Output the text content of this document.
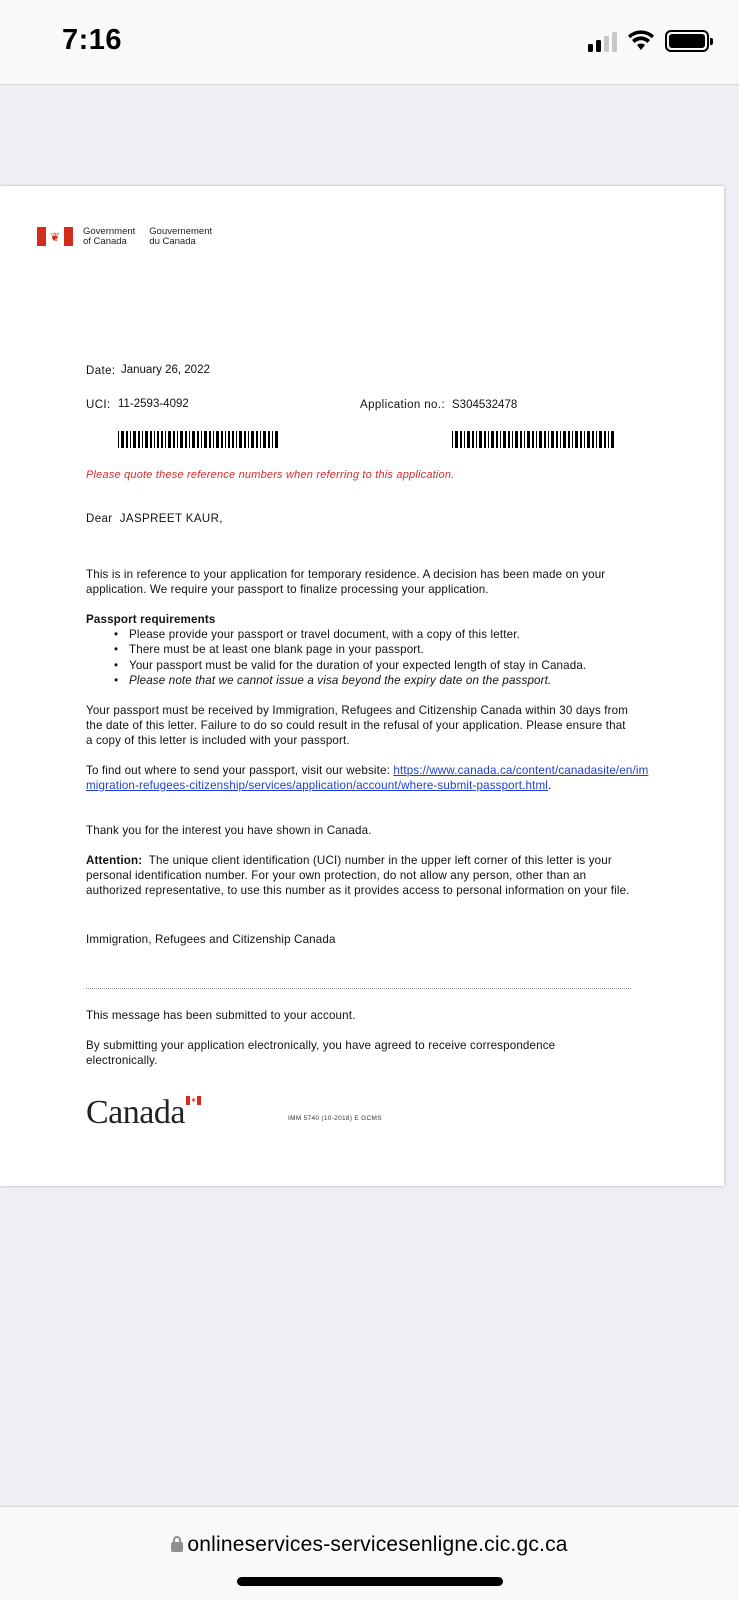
7:16
❦	Government
of Canada
Gouvernement
du Canada
Date: January 26, 2022
UCI: 11-2593-4092	Application no.: S304532478
Please quote these reference numbers when referring to this application.
Dear JASPREET KAUR,
This is in reference to your application for temporary residence. A decision has been made on your application. We require your passport to finalize processing your application.
Passport requirements
• Please provide your passport or travel document, with a copy of this letter.
• There must be at least one blank page in your passport.
• Your passport must be valid for the duration of your expected length of stay in Canada.
• Please note that we cannot issue a visa beyond the expiry date on the passport.
Your passport must be received by Immigration, Refugees and Citizenship Canada within 30 days from the date of this letter. Failure to do so could result in the refusal of your application. Please ensure that a copy of this letter is included with your passport.
To find out where to send your passport, visit our website: https://www.canada.ca/content/canadasite/en/immigration-refugees-citizenship/services/application/account/where-submit-passport.html.
Thank you for the interest you have shown in Canada.
Attention: The unique client identification (UCI) number in the upper left corner of this letter is your personal identification number. For your own protection, do not allow any person, other than an authorized representative, to use this number as it provides access to personal information on your file.
Immigration, Refugees and Citizenship Canada
This message has been submitted to your account.
By submitting your application electronically, you have agreed to receive correspondence electronically.
Canada ❦
IMM 5740 (10-2018) E GCMS
onlineservices-servicesenligne.cic.gc.ca
